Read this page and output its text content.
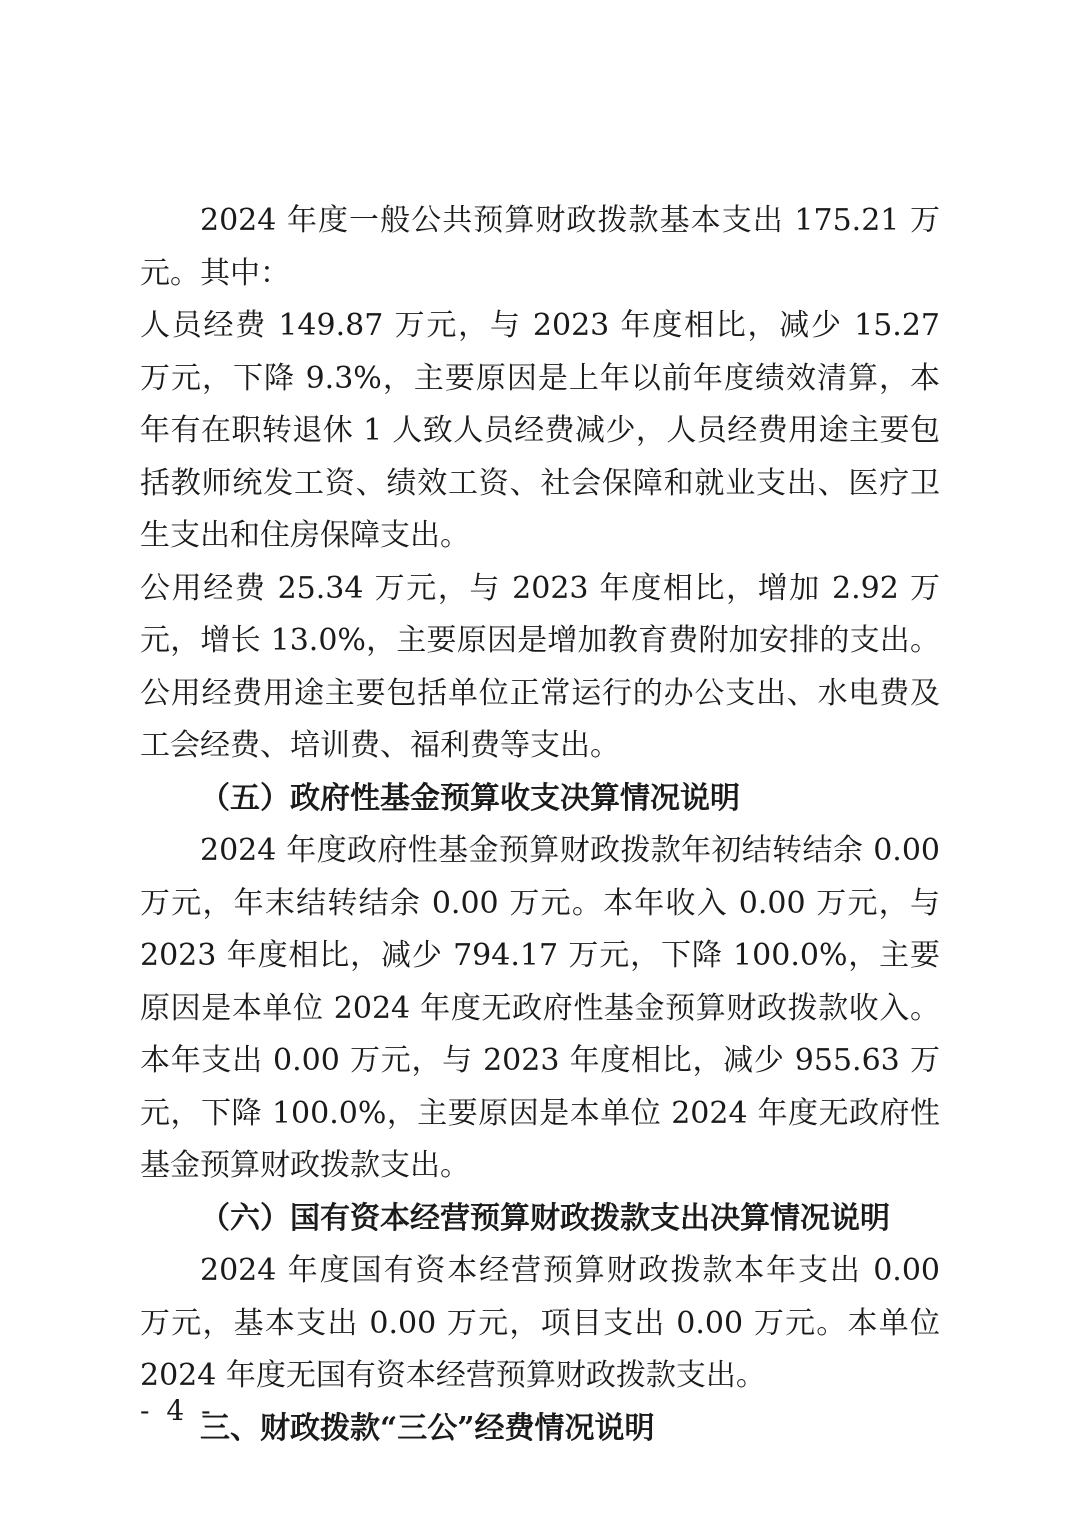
2024 年度一般公共预算财政拨款基本支出 175.21 万元。其中：

人员经费 149.87 万元，与 2023 年度相比，减少 15.27 万元，下降 9.3%，主要原因是上年以前年度绩效清算，本年有在职转退休 1 人致人员经费减少，人员经费用途主要包括教师统发工资、绩效工资、社会保障和就业支出、医疗卫生支出和住房保障支出。

公用经费 25.34 万元，与 2023 年度相比，增加 2.92 万元，增长 13.0%，主要原因是增加教育费附加安排的支出。公用经费用途主要包括单位正常运行的办公支出、水电费及工会经费、培训费、福利费等支出。

（五）政府性基金预算收支决算情况说明

2024 年度政府性基金预算财政拨款年初结转结余 0.00 万元，年末结转结余 0.00 万元。本年收入 0.00 万元，与 2023 年度相比，减少 794.17 万元，下降 100.0%，主要原因是本单位 2024 年度无政府性基金预算财政拨款收入。本年支出 0.00 万元，与 2023 年度相比，减少 955.63 万元，下降 100.0%，主要原因是本单位 2024 年度无政府性基金预算财政拨款支出。

（六）国有资本经营预算财政拨款支出决算情况说明

2024 年度国有资本经营预算财政拨款本年支出 0.00 万元，基本支出 0.00 万元，项目支出 0.00 万元。本单位 2024 年度无国有资本经营预算财政拨款支出。

三、财政拨款“三公”经费情况说明

- 4 -
